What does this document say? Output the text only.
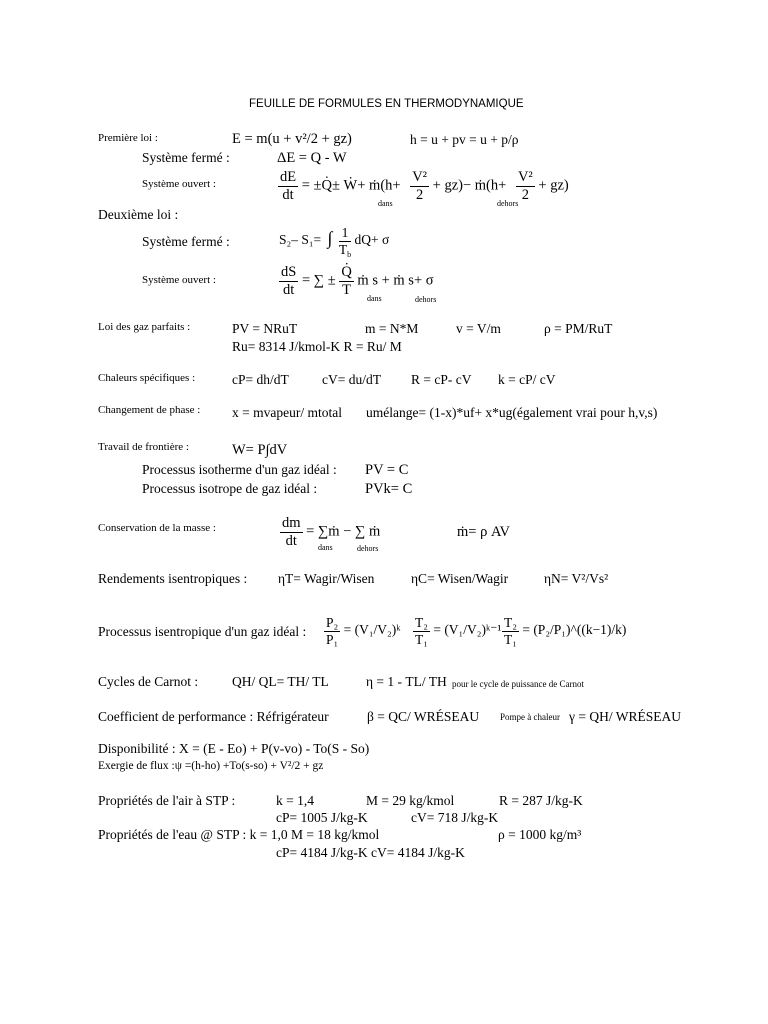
FEUILLE DE FORMULES EN THERMODYNAMIQUE
Première loi :	E = m(u + v²/2 + gz)	h = u + pv = u + p/ρ
Système fermé :	ΔE = Q - W
Système ouvert :	$\frac{dE}{dt}$ = ±Q̇± Ẇ+ ṁ(h+ $\frac{\text{V²}}{2} + gz)-$ ṁ(h+ $\frac{\text{V²}}{2} + gz$)
dans	dehors
Deuxième loi :
Système fermé :	S₂– S₁= ∫ $\frac{1}{T_b} dQ+ \sigma$
Système ouvert :	$\frac{dS}{dt}$ = ∑ ± $\frac{Q̇}{T}$ ṁ s + ṁ s+ σ
dans	dehors
Loi des gaz parfaits :	PV = NRuT	m = N*M	v = V/m	ρ = PM/RuT
Ru= 8314 J/kmol-K R = Ru/ M
Chaleurs spécifiques :	cP= dh/dT cV= du/dT R = cP- cV k = cP/ cV
Changement de phase : x = mvapeur/ mtotal umélange= (1-x)*uf+ x*ug(également vrai pour h,v,s)
Travail de frontière :	W= P∫dV
Processus isotherme d'un gaz idéal : PV = C
Processus isotrope de gaz idéal :	PVk= C
Conservation de la masse :	$\frac{dm}{dt}$ = ∑ṁ − ∑ ṁ
dans	dehors
ṁ= ρ AV
Rendements isentropiques : ηT= Wagir/Wisen	ηC= Wisen/Wagir	ηN= V²/Vs²
Processus isentropique d'un gaz idéal : $\frac{\text{P₂}}{\text{P₁}}$ = (V₁/V₂)ᵏ $\frac{\text{T₂}}{\text{T₁}}$ = (V₁/V₂)ᵏ⁻¹ $\frac{\text{T₂}}{\text{T₁}}$ = (P₂/P₁)^((k−1)/k)
Cycles de Carnot :	QH/ QL= TH/ TL	η = 1 - TL/ TH pour le cycle de puissance de Carnot
Coefficient de performance : Réfrigérateur	β = QC/ WRÉSEAU Pompe à chaleur γ = QH/ WRÉSEAU
Disponibilité : X = (E - Eo) + P(v-vo) - To(S - So)
Exergie de flux :ψ =(h-ho) +To(s-so) + V²/2 + gz
Propriétés de l'air à STP :	k = 1,4	M = 29 kg/kmol	R = 287 J/kg-K
cP= 1005 J/kg-K	cV= 718 J/kg-K
Propriétés de l'eau @ STP : k = 1,0 M = 18 kg/kmol	ρ = 1000 kg/m³
cP= 4184 J/kg-K cV= 4184 J/kg-K
